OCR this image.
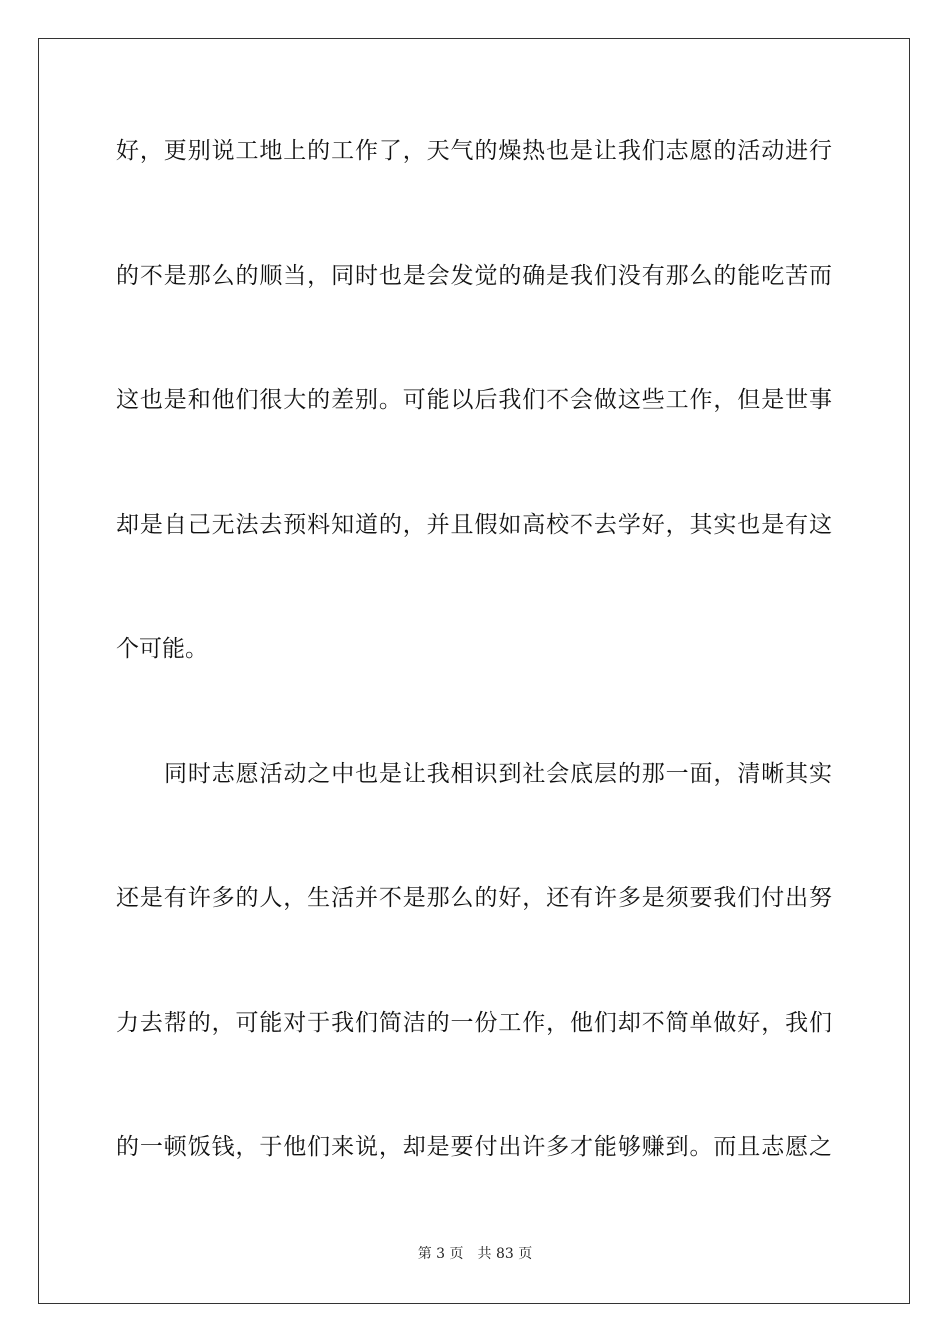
好，更别说工地上的工作了，天气的燥热也是让我们志愿的活动进行
的不是那么的顺当，同时也是会发觉的确是我们没有那么的能吃苦而
这也是和他们很大的差别。可能以后我们不会做这些工作，但是世事
却是自己无法去预料知道的，并且假如高校不去学好，其实也是有这
个可能。
同时志愿活动之中也是让我相识到社会底层的那一面，清晰其实
还是有许多的人，生活并不是那么的好，还有许多是须要我们付出努
力去帮的，可能对于我们简洁的一份工作，他们却不简单做好，我们
的一顿饭钱，于他们来说，却是要付出许多才能够赚到。而且志愿之
第 3 页　共 83 页
